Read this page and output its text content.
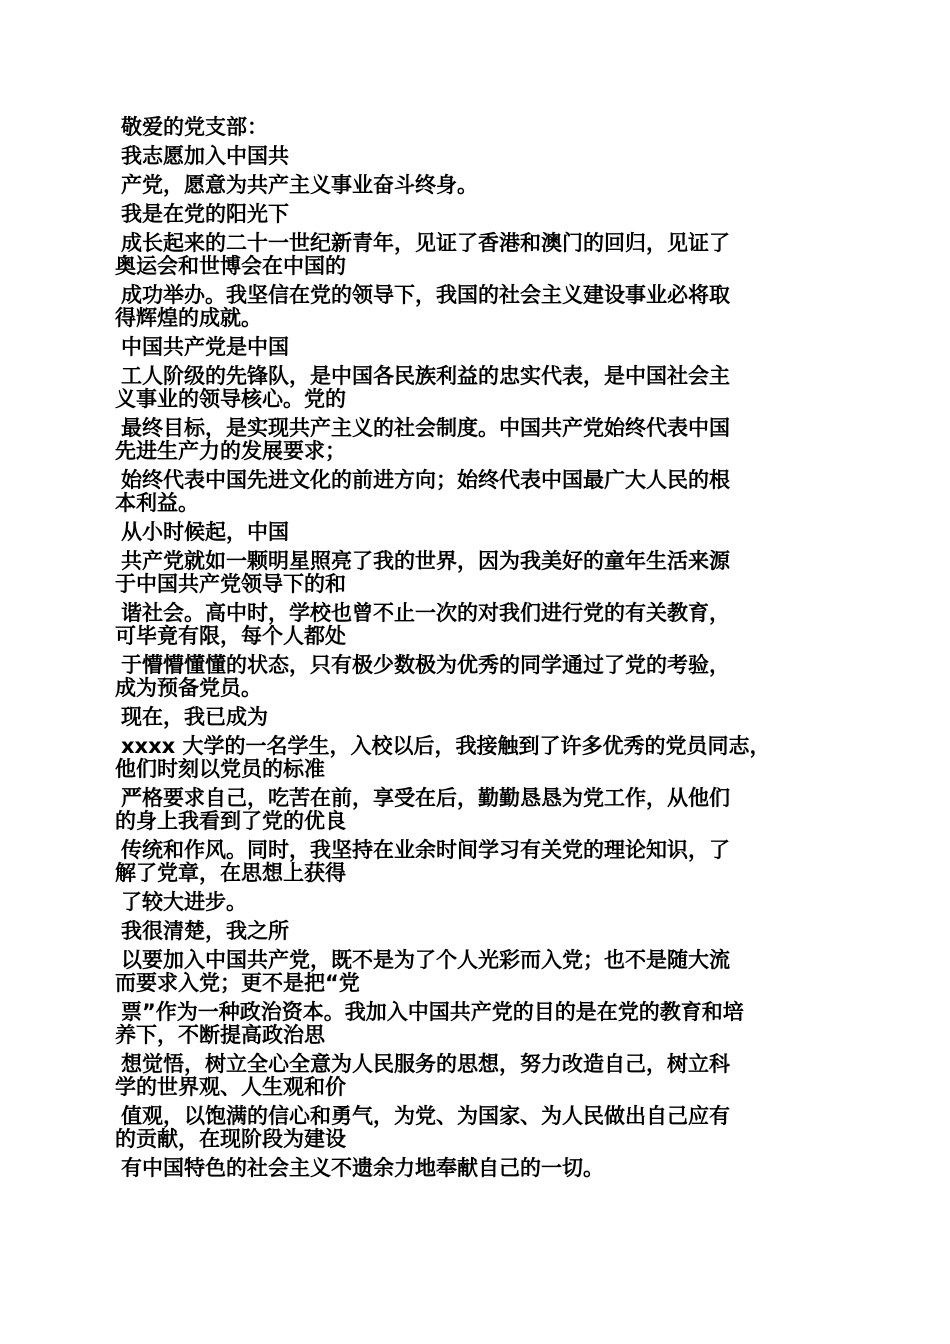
敬爱的党支部：
我志愿加入中国共
产党，愿意为共产主义事业奋斗终身。
我是在党的阳光下
成长起来的二十一世纪新青年，见证了香港和澳门的回归，见证了
奥运会和世博会在中国的
成功举办。我坚信在党的领导下，我国的社会主义建设事业必将取
得辉煌的成就。
中国共产党是中国
工人阶级的先锋队，是中国各民族利益的忠实代表，是中国社会主
义事业的领导核心。党的
最终目标，是实现共产主义的社会制度。中国共产党始终代表中国
先进生产力的发展要求；
始终代表中国先进文化的前进方向；始终代表中国最广大人民的根
本利益。
从小时候起，中国
共产党就如一颗明星照亮了我的世界，因为我美好的童年生活来源
于中国共产党领导下的和
谐社会。高中时，学校也曾不止一次的对我们进行党的有关教育，
可毕竟有限，每个人都处
于懵懵懂懂的状态，只有极少数极为优秀的同学通过了党的考验，
成为预备党员。
现在，我已成为
xxxx 大学的一名学生，入校以后，我接触到了许多优秀的党员同志，
他们时刻以党员的标准
严格要求自己，吃苦在前，享受在后，勤勤恳恳为党工作，从他们
的身上我看到了党的优良
传统和作风。同时，我坚持在业余时间学习有关党的理论知识，了
解了党章，在思想上获得
了较大进步。
我很清楚，我之所
以要加入中国共产党，既不是为了个人光彩而入党；也不是随大流
而要求入党；更不是把“党
票”作为一种政治资本。我加入中国共产党的目的是在党的教育和培
养下，不断提高政治思
想觉悟，树立全心全意为人民服务的思想，努力改造自己，树立科
学的世界观、人生观和价
值观，以饱满的信心和勇气，为党、为国家、为人民做出自己应有
的贡献，在现阶段为建设
有中国特色的社会主义不遗余力地奉献自己的一切。
